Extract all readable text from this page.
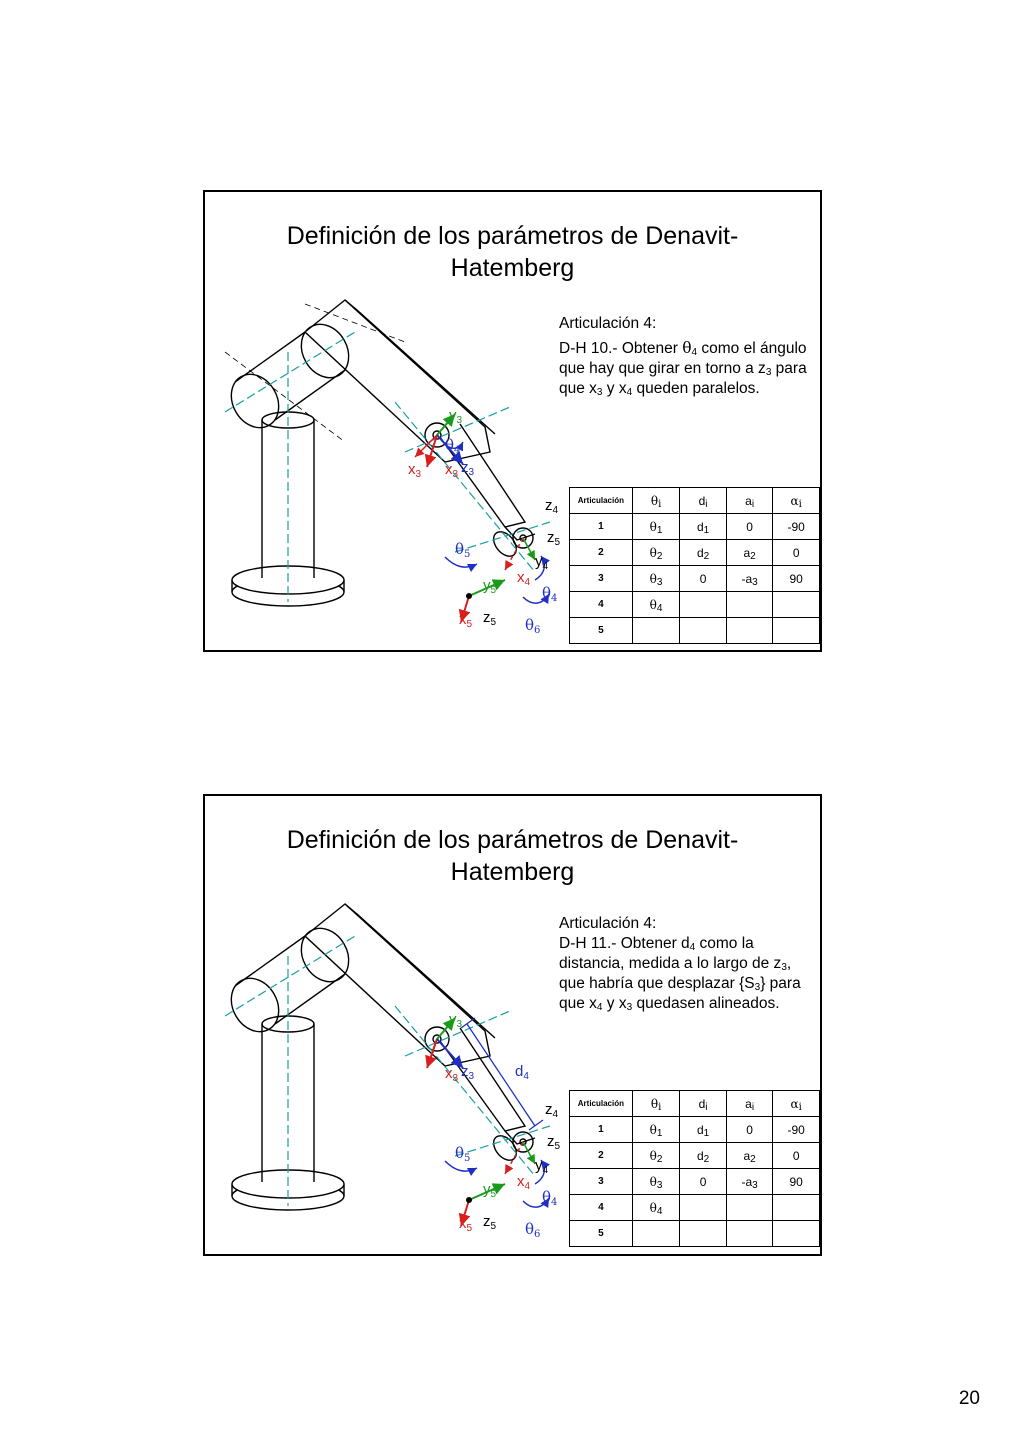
$x_3$ $x_3$ $z_3$
$y_3$
$\theta_4$
$z_4$
$z_5$
$y_4$
$x_4$
$\theta_4$
$\theta_5$
$y_5$
$x_5$ $z_5$ $\theta_6$
Definición de los parámetros de Denavit-
Hatemberg

Articulación 4:

D-H 10.- Obtener $\theta_4$ como el ángulo que hay que girar en torno a $z_3$ para que $x_3$ y $x_4$ queden paralelos.

Articulación	$\theta_i$	$d_i$	$a_i$	$\alpha_i$
1	$\theta_1$	$d_1$	0	-90
2	$\theta_2$	$d_2$	$a_2$	0
3	$\theta_3$	0	$-a_3$	90
4	$\theta_4$			
5				
$x_3$ $z_3$
$y_3$
$d_4$
$z_4$
$z_5$
$y_4$
$x_4$
$\theta_4$
$\theta_5$
$y_5$
$x_5$ $z_5$ $\theta_6$
Definición de los parámetros de Denavit-
Hatemberg

Articulación 4:

D-H 11.- Obtener $d_4$ como la distancia, medida a lo largo de $z_3$, que habría que desplazar $\{S_3\}$ para que $x_4$ y $x_3$ quedasen alineados.

Articulación	$\theta_i$	$d_i$	$a_i$	$\alpha_i$
1	$\theta_1$	$d_1$	0	-90
2	$\theta_2$	$d_2$	$a_2$	0
3	$\theta_3$	0	$-a_3$	90
4	$\theta_4$			
5				
20
